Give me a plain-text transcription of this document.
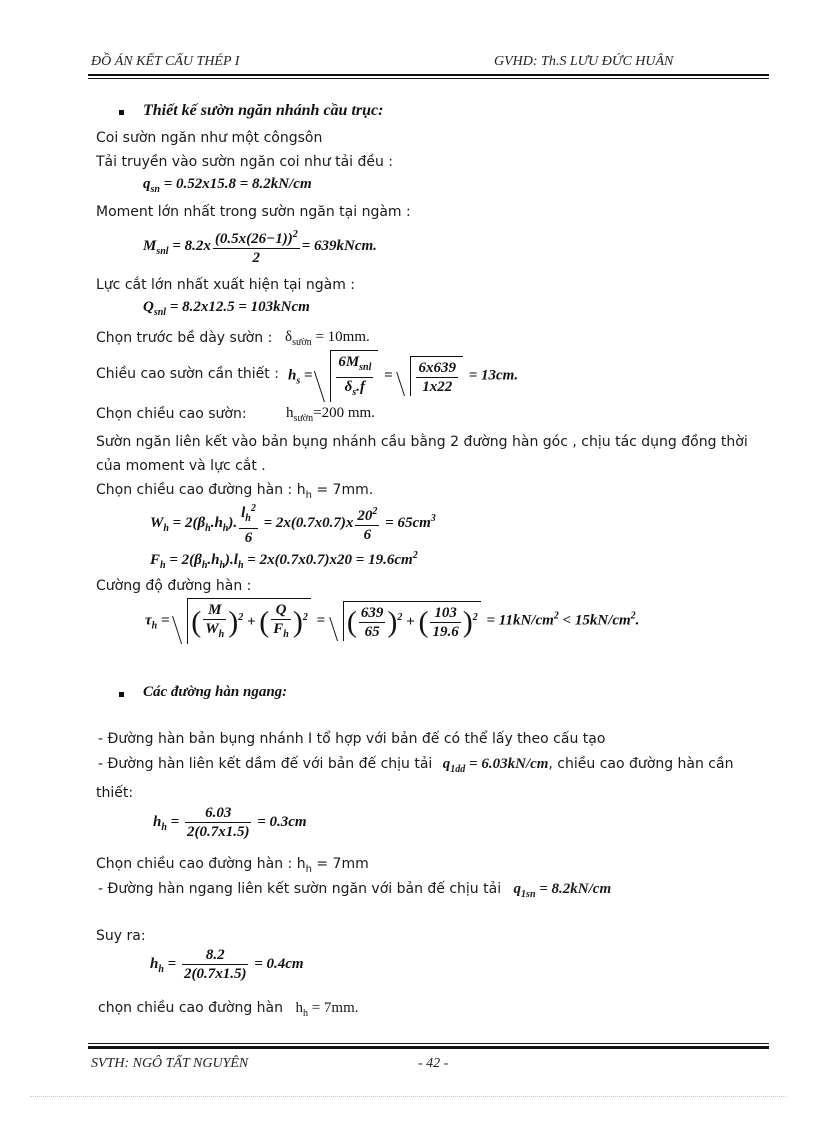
ĐỒ ÁN KẾT CẤU THÉP I	GVHD: Th.S LƯU ĐỨC HUÂN
Thiết kế sườn ngăn nhánh cầu trục:
Coi sườn ngăn như một côngsôn
Tải truyền vào sườn ngăn coi như tải đều :
$q_{sn} = 0.52x15.8 = 8.2kN/cm$
Moment lớn nhất trong sườn ngăn tại ngàm :
$M_{snl} = 8.2x \frac{(0.5x(26-1))^2}{2}$ = 639kNcm.
Lực cắt lớn nhất xuất hiện tại ngàm :
$Q_{snl} = 8.2x12.5$ = 103kNcm
Chọn trước bề dày sườn : $\delta_{sườn} = 10mm$.
Chiều cao sườn cần thiết : $h_s = \frac{6M_{snl}}{\delta_s.f} = \frac{6x639}{1x22} = 13cm$.
Chọn chiều cao sườn:	$h_{sườn}=200$ mm.
Sườn ngăn liên kết vào bản bụng nhánh cầu bằng 2 đường hàn góc , chịu tác dụng đồng thời
của moment và lực cắt .
Chọn chiều cao đường hàn : $h_h = 7mm$.
$W_h = 2(\beta_h.h_h)$. $\frac{l_h^2}{6} = 2x(0.7x0.7)x \frac{20^2}{6} = 65cm^3$
$F_h = 2(\beta_h.h_h).l_h = 2x(0.7x0.7)x20 = 19.6cm^2$
Cường độ đường hàn :
$\tau_h$ = ( $\frac{M}{W_h} )^2$ + ( $\frac{Q}{F_h} )^2$ = ( $\frac{639}{65} )^2$ + ( $\frac{103}{19.6} )^2 = 11kN/cm^2 < 15kN/cm^2$.
Các đường hàn ngang:
- Đường hàn bản bụng nhánh I tổ hợp với bản đế có thể lấy theo cấu tạo
- Đường hàn liên kết dầm đế với bản đế chịu tải $q_{1dd} = 6.03kN/cm$, chiều cao đường hàn cần
thiết:
$h_h = \frac{6.03}{2(0.7x1.5)} = 0.3cm$
Chọn chiều cao đường hàn : $h_h = 7mm$
- Đường hàn ngang liên kết sườn ngăn với bản đế chịu tải $q_{1sn} = 8.2kN/cm$
Suy ra:
$h_h = \frac{8.2}{2(0.7x1.5)} = 0.4cm$
chọn chiều cao đường hàn $h_h = 7mm$.
SVTH: NGÔ TẤT NGUYÊN	- 42 -
